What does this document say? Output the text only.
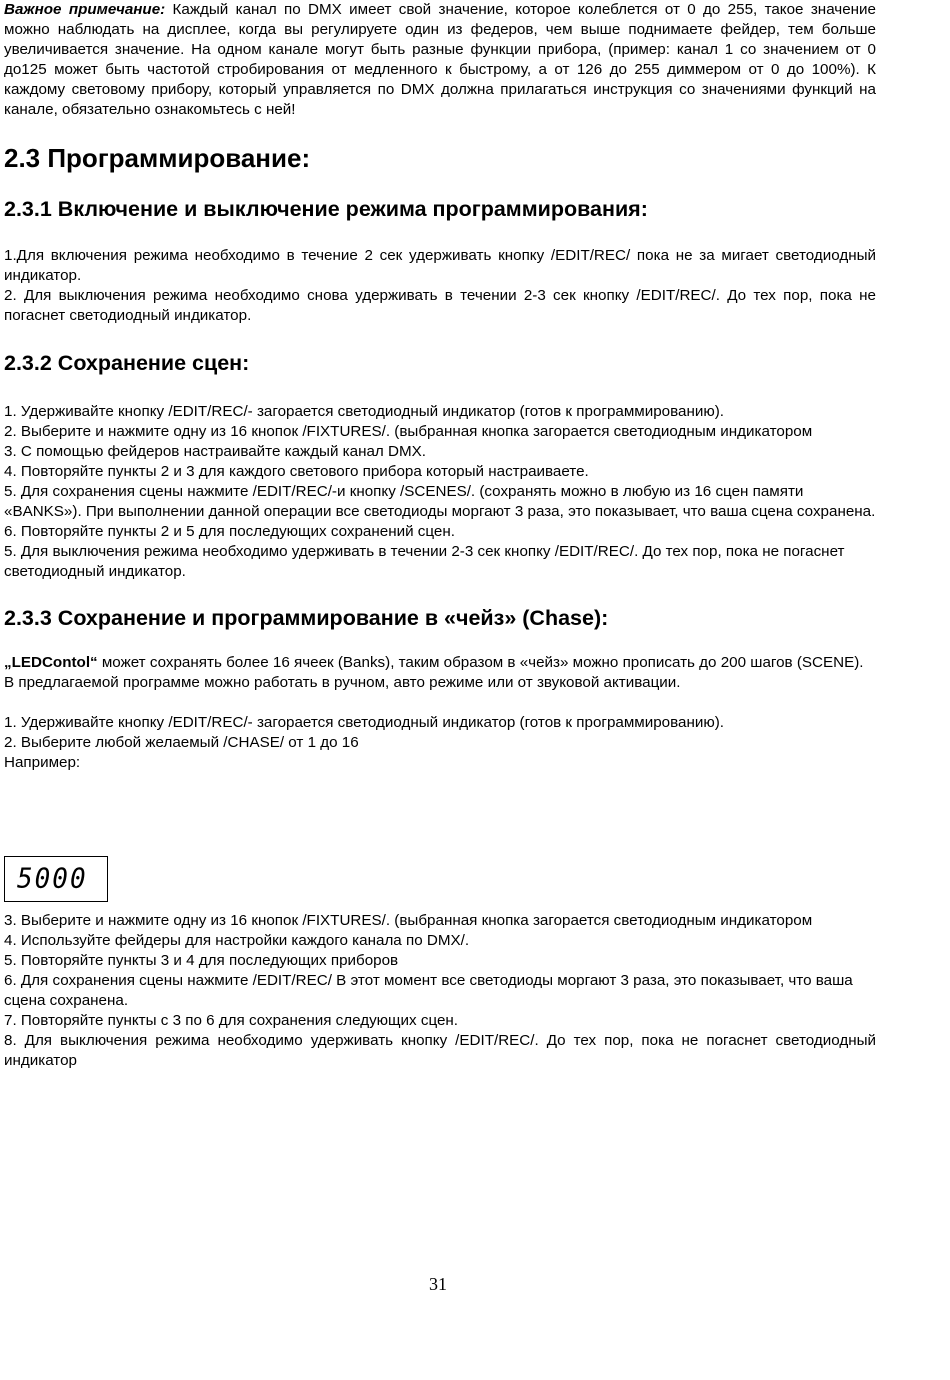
Важное примечание: Каждый канал по DMX имеет свой значение, которое колеблется от 0 до 255, такое значение можно наблюдать на дисплее, когда вы регулируете один из федеров, чем выше поднимаете фейдер, тем больше увеличивается значение. На одном канале могут быть разные функции прибора, (пример: канал 1 со значением от 0 до125 может быть частотой стробирования от медленного к быстрому, а от 126 до 255 диммером от 0 до 100%). К каждому световому прибору, который управляется по DMX должна прилагаться инструкция со значениями функций на канале, обязательно ознакомьтесь с ней!

2.3 Программирование:
2.3.1 Включение и выключение режима программирования:

1.Для включения режима необходимо в течение 2 сек удерживать кнопку /EDIT/REC/ пока не за мигает светодиодный индикатор.

2. Для выключения режима необходимо снова удерживать в течении 2-3 сек кнопку /EDIT/REC/. До тех пор, пока не погаснет светодиодный индикатор.

2.3.2 Сохранение сцен:

1. Удерживайте кнопку /EDIT/REC/- загорается светодиодный индикатор (готов к программированию).

2. Выберите и нажмите одну из 16 кнопок /FIXTURES/. (выбранная кнопка загорается светодиодным индикатором

3. С помощью фейдеров настраивайте каждый канал DMX.

4. Повторяйте пункты 2 и 3 для каждого светового прибора который настраиваете.

5. Для сохранения сцены нажмите /EDIT/REC/-и кнопку /SCENES/. (сохранять можно в любую из 16 сцен памяти «BANKS»). При выполнении данной операции все светодиоды моргают 3 раза, это показывает, что ваша сцена сохранена.

6. Повторяйте пункты 2 и 5 для последующих сохранений сцен.

5. Для выключения режима необходимо удерживать в течении 2-3 сек кнопку /EDIT/REC/. До тех пор, пока не погаснет светодиодный индикатор.

2.3.3 Сохранение и программирование в «чейз» (Chase):

„LEDContol“ может сохранять более 16 ячеек (Banks), таким образом в «чейз» можно прописать до 200 шагов (SCENE). В предлагаемой программе можно работать в ручном, авто режиме или от звуковой активации.

1. Удерживайте кнопку /EDIT/REC/- загорается светодиодный индикатор (готов к программированию).

2. Выберите любой желаемый /CHASE/ от 1 до 16

Например:

3. Выберите и нажмите одну из 16 кнопок /FIXTURES/. (выбранная кнопка загорается светодиодным индикатором

4. Используйте фейдеры для настройки каждого канала по DMX/.

5. Повторяйте пункты 3 и 4 для последующих приборов

6. Для сохранения сцены нажмите /EDIT/REC/ В этот момент все светодиоды моргают 3 раза, это показывает, что ваша сцена сохранена.

7. Повторяйте пункты с 3 по 6 для сохранения следующих сцен.

8. Для выключения режима необходимо удерживать кнопку /EDIT/REC/. До тех пор, пока не погаснет светодиодный индикатор

5000
31
